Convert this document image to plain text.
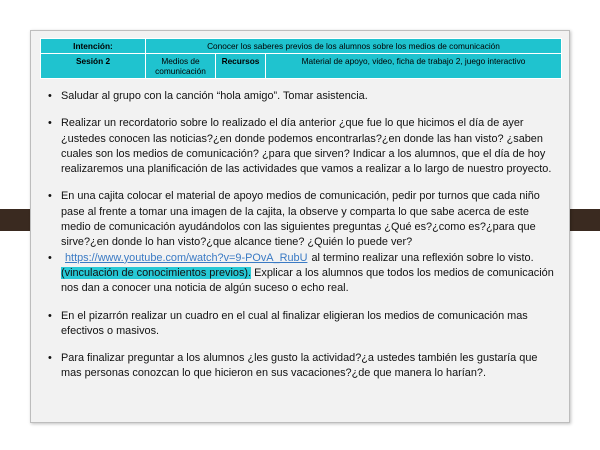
Intención:	Conocer los saberes previos de los alumnos sobre los medios de comunicación		
Sesión 2	Medios de comunicación	Recursos	Material de apoyo, video, ficha de trabajo 2, juego interactivo
• Saludar al grupo con la canción “hola amigo”. Tomar asistencia.
• Realizar un recordatorio sobre lo realizado el día anterior ¿que fue lo que hicimos el día de ayer ¿ustedes conocen las noticias?¿en donde podemos encontrarlas?¿en donde las han visto? ¿saben cuales son los medios de comunicación? ¿para que sirven? Indicar a los alumnos, que el día de hoy realizaremos una planificación de las actividades que vamos a realizar a lo largo de nuestro proyecto.
• En una cajita colocar el material de apoyo medios de comunicación, pedir por turnos que cada niño pase al frente a tomar una imagen de la cajita, la observe y comparta lo que sabe acerca de este medio de comunicación ayudándolos con las siguientes preguntas ¿Qué es?¿como es?¿para que sirve?¿en donde lo han visto?¿que alcance tiene? ¿Quién lo puede ver?
• https://www.youtube.com/watch?v=9-POvA_RubU al termino realizar una reflexión sobre lo visto. (vinculación de conocimientos previos). Explicar a los alumnos que todos los medios de comunicación nos dan a conocer una noticia de algún suceso o echo real.
• En el pizarrón realizar un cuadro en el cual al finalizar eligieran los medios de comunicación mas efectivos o masivos.
• Para finalizar preguntar a los alumnos ¿les gusto la actividad?¿a ustedes también les gustaría que mas personas conozcan lo que hicieron en sus vacaciones?¿de que manera lo harían?.
